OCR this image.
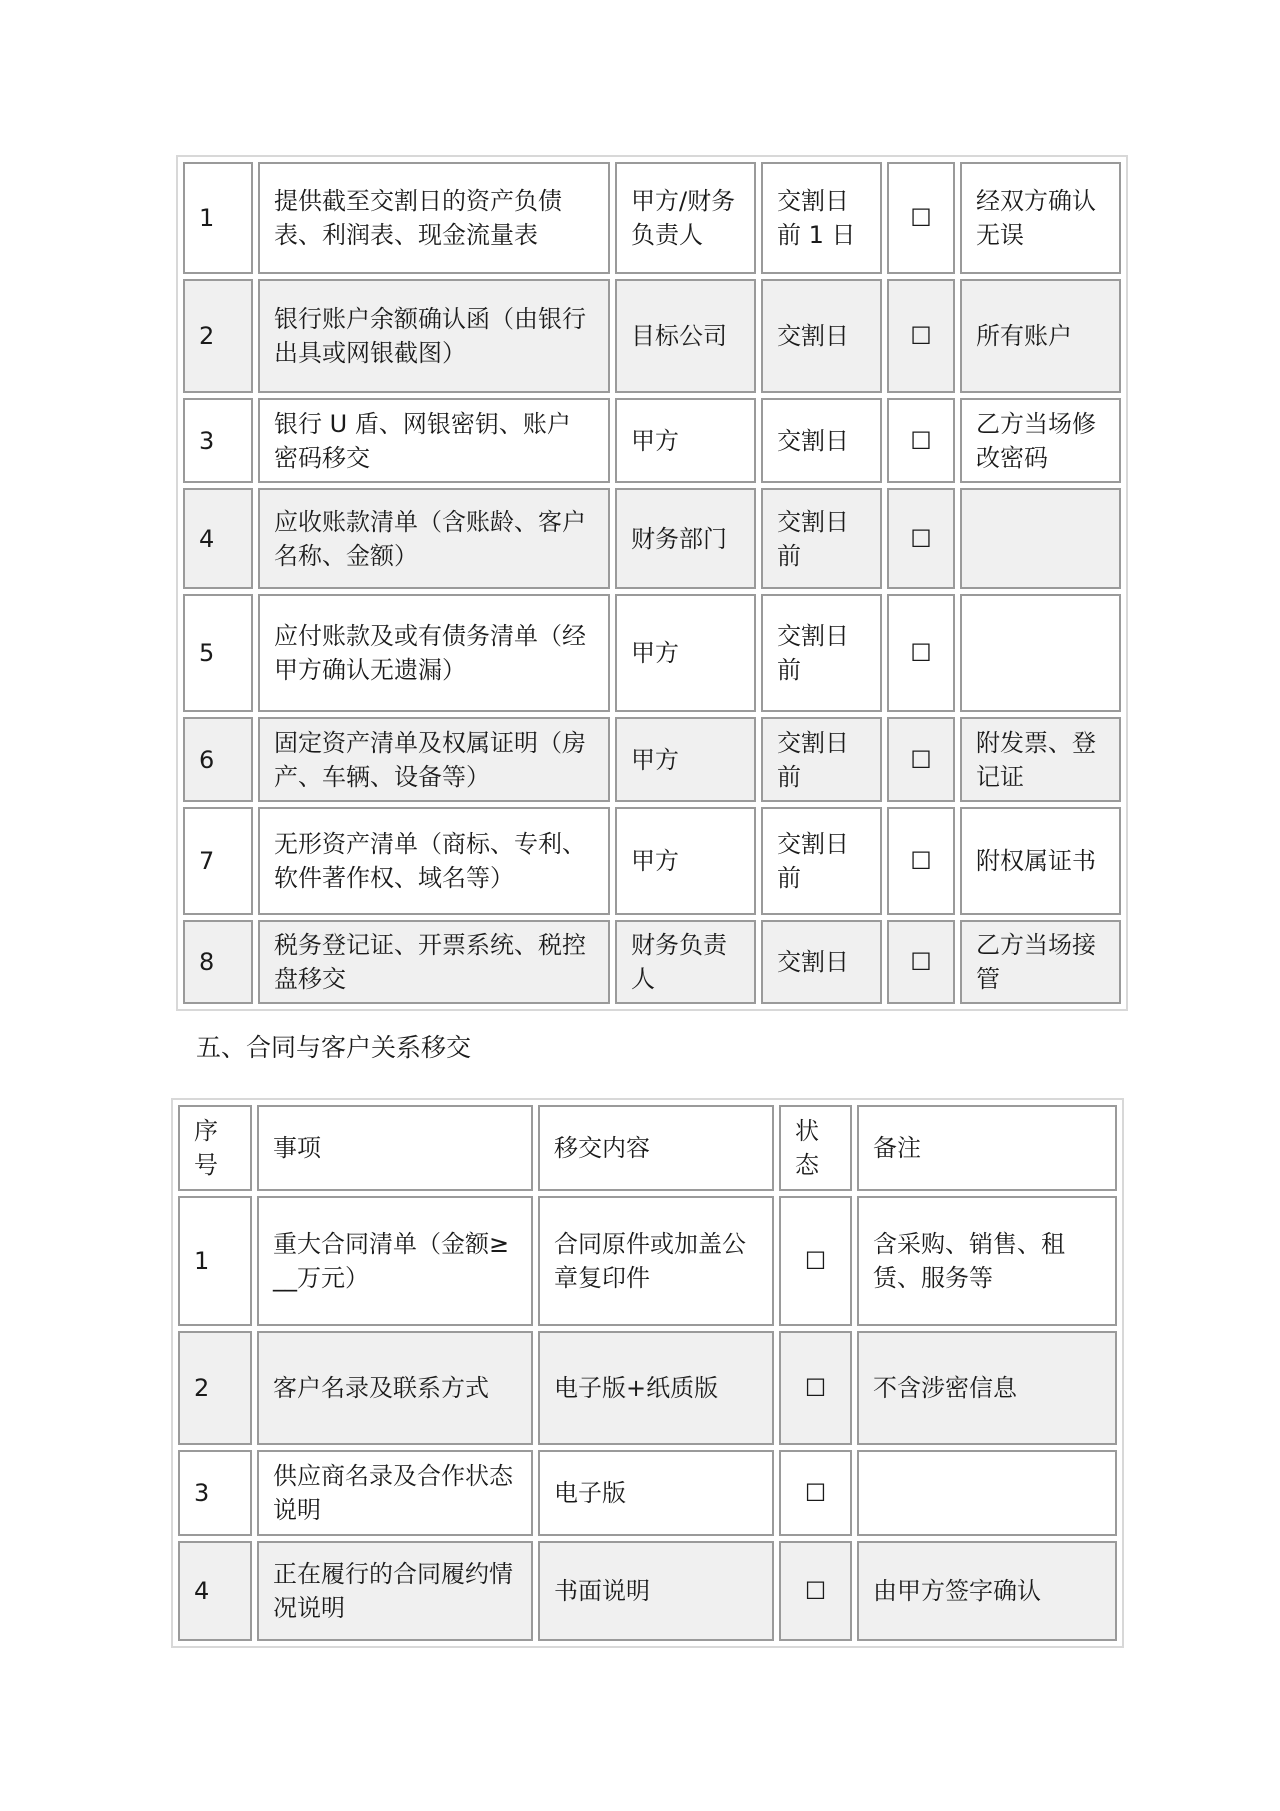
1	提供截至交割日的资产负债表、利润表、现金流量表	甲方/财务负责人	交割日前 1 日	☐	经双方确认无误
2	银行账户余额确认函（由银行出具或网银截图）	目标公司	交割日	☐	所有账户
3	银行 U 盾、网银密钥、账户密码移交	甲方	交割日	☐	乙方当场修改密码
4	应收账款清单（含账龄、客户名称、金额）	财务部门	交割日前	☐	
5	应付账款及或有债务清单（经甲方确认无遗漏）	甲方	交割日前	☐	
6	固定资产清单及权属证明（房产、车辆、设备等）	甲方	交割日前	☐	附发票、登记证
7	无形资产清单（商标、专利、软件著作权、域名等）	甲方	交割日前	☐	附权属证书
8	税务登记证、开票系统、税控盘移交	财务负责人	交割日	☐	乙方当场接管
五、合同与客户关系移交
序号	事项	移交内容	状态	备注
1	重大合同清单（金额≥__万元）	合同原件或加盖公章复印件	☐	含采购、销售、租赁、服务等
2	客户名录及联系方式	电子版+纸质版	☐	不含涉密信息
3	供应商名录及合作状态说明	电子版	☐	
4	正在履行的合同履约情况说明	书面说明	☐	由甲方签字确认
